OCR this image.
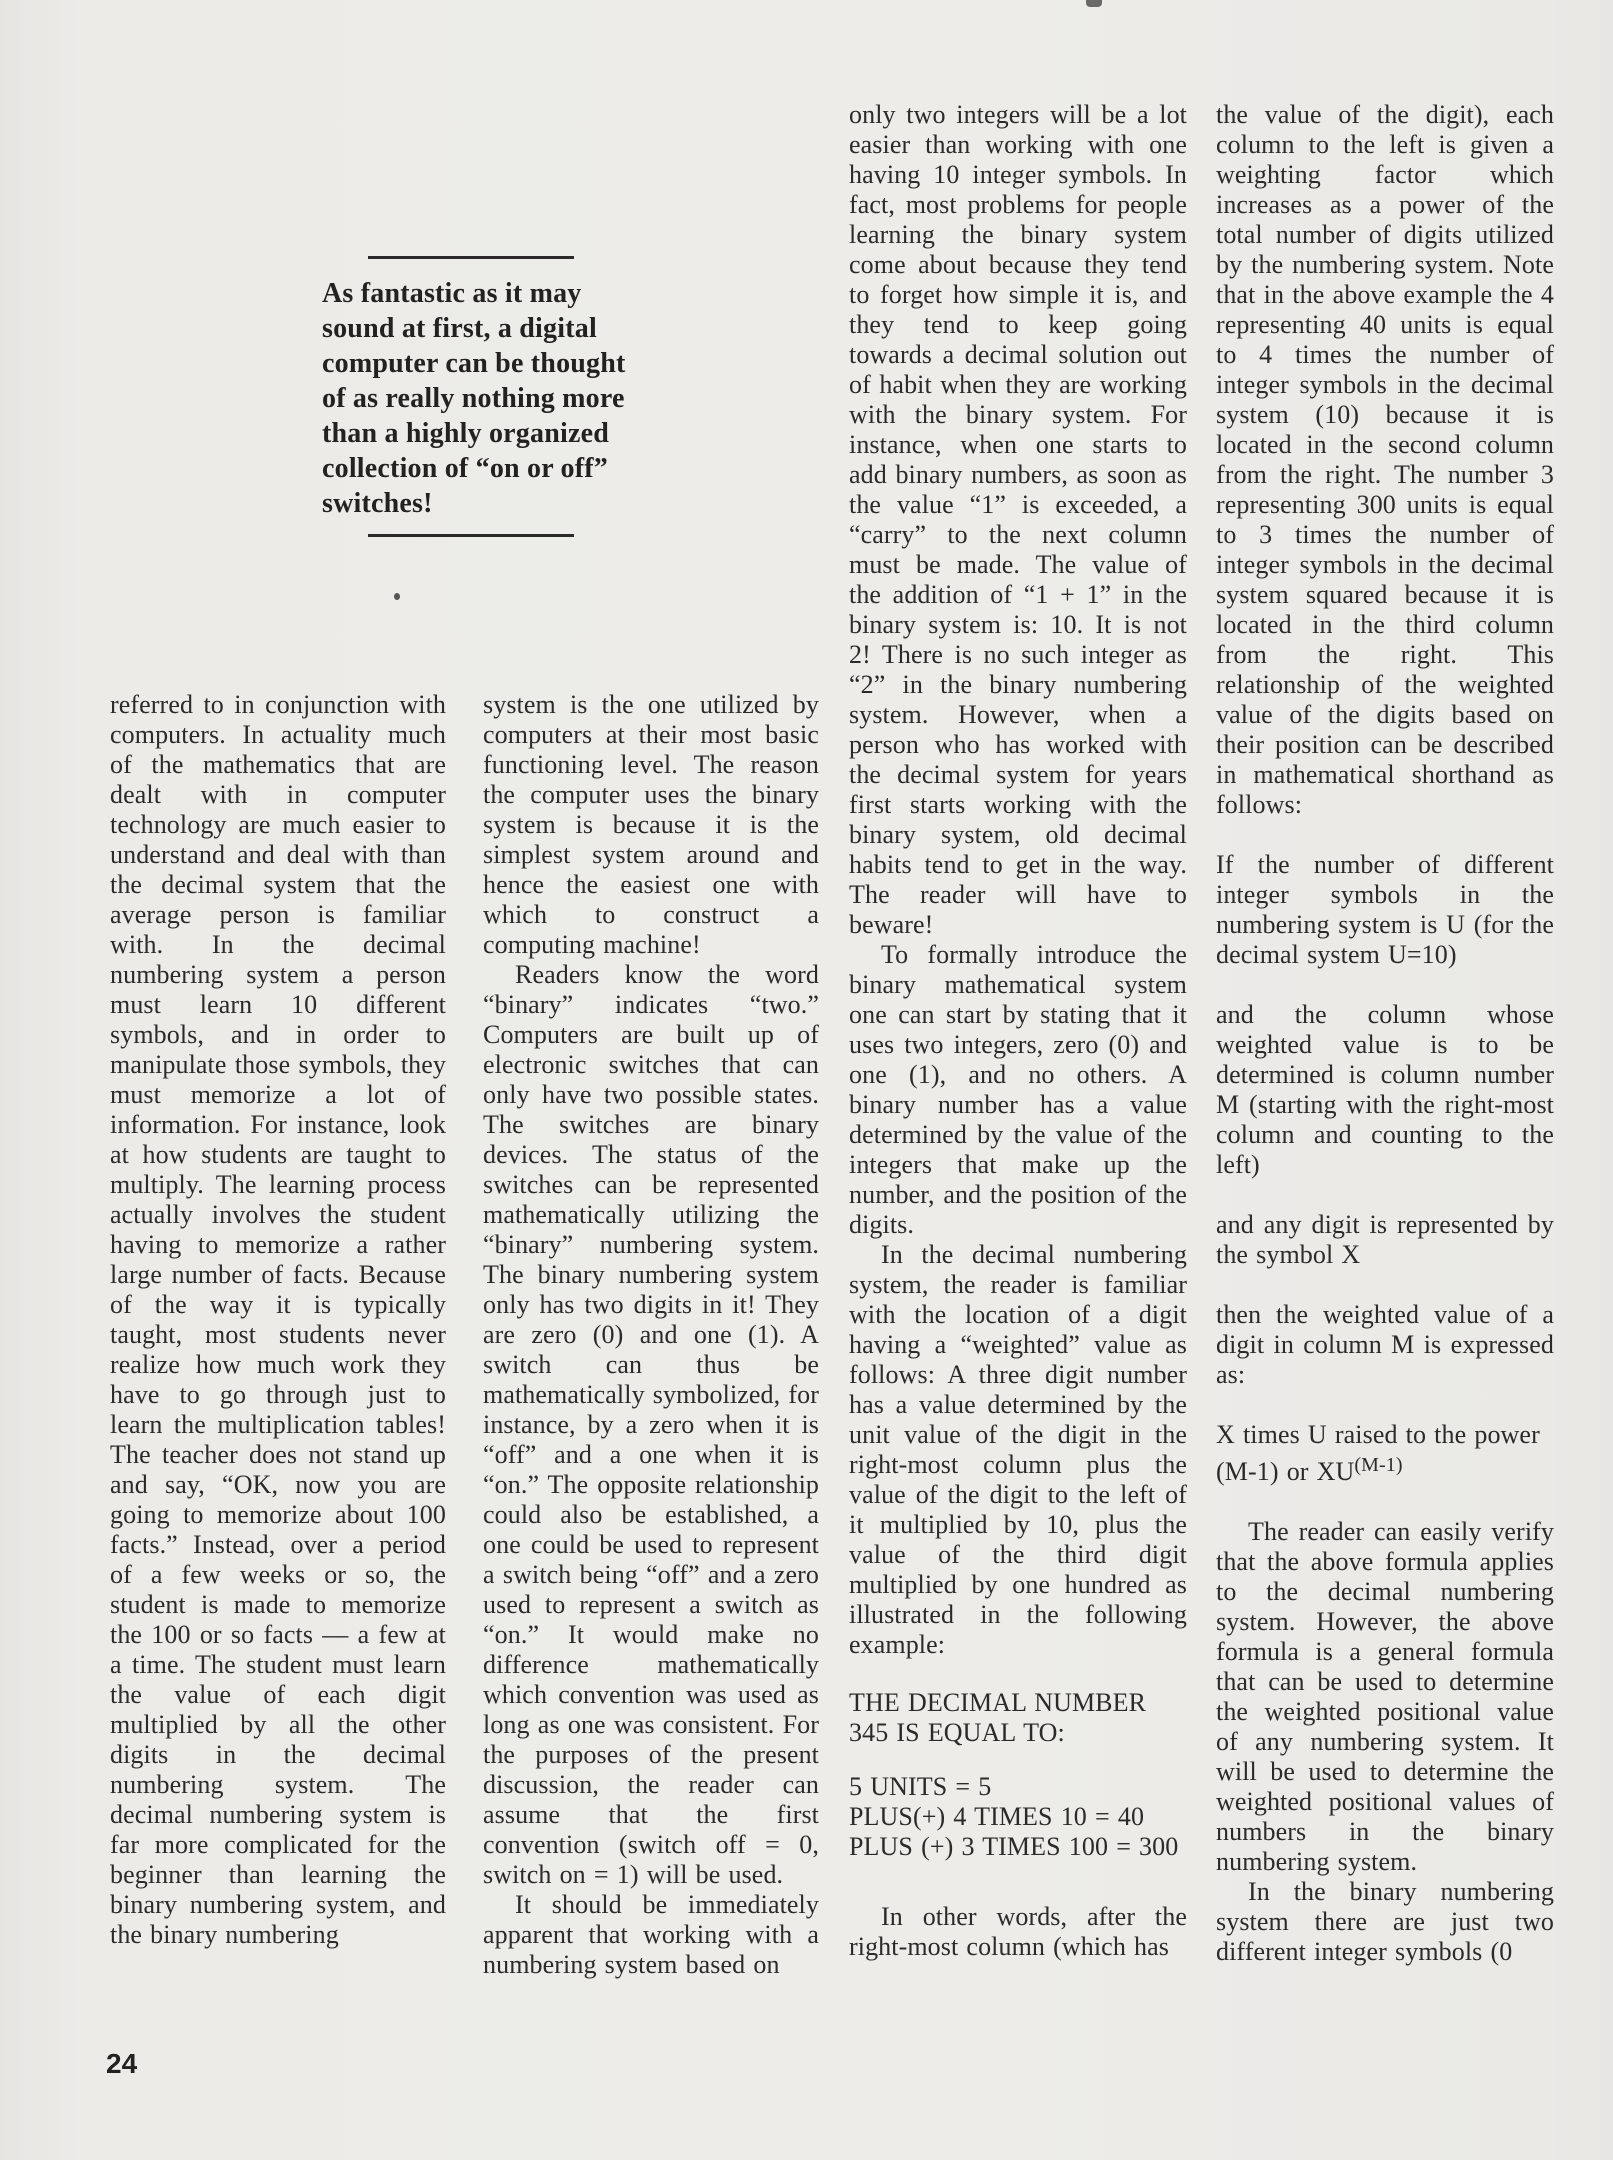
As fantastic as it may
sound at first, a digital
computer can be thought
of as really nothing more
than a highly organized
collection of “on or off”
switches!

referred to in conjunction with computers. In actuality much of the mathematics that are dealt with in computer technology are much easier to understand and deal with than the decimal system that the average person is familiar with. In the decimal numbering system a person must learn 10 different symbols, and in order to manipulate those symbols, they must memorize a lot of information. For instance, look at how students are taught to multiply. The learning process actually involves the student having to memorize a rather large number of facts. Because of the way it is typically taught, most students never realize how much work they have to go through just to learn the multiplication tables! The teacher does not stand up and say, “OK, now you are going to memorize about 100 facts.” Instead, over a period of a few weeks or so, the student is made to memorize the 100 or so facts — a few at a time. The student must learn the value of each digit multiplied by all the other digits in the decimal numbering system. The decimal numbering system is far more complicated for the beginner than learning the binary numbering system, and the binary numbering

system is the one utilized by computers at their most basic functioning level. The reason the computer uses the binary system is because it is the simplest system around and hence the easiest one with which to construct a computing machine!

Readers know the word “binary” indicates “two.” Computers are built up of electronic switches that can only have two possible states. The switches are binary devices. The status of the switches can be represented mathematically utilizing the “binary” numbering system. The binary numbering system only has two digits in it! They are zero (0) and one (1). A switch can thus be mathematically symbolized, for instance, by a zero when it is “off” and a one when it is “on.” The opposite relationship could also be established, a one could be used to represent a switch being “off” and a zero used to represent a switch as “on.” It would make no difference mathematically which convention was used as long as one was consistent. For the purposes of the present discussion, the reader can assume that the first convention (switch off = 0, switch on = 1) will be used.

It should be immediately apparent that working with a numbering system based on

only two integers will be a lot easier than working with one having 10 integer symbols. In fact, most problems for people learning the binary system come about because they tend to forget how simple it is, and they tend to keep going towards a decimal solution out of habit when they are working with the binary system. For instance, when one starts to add binary numbers, as soon as the value “1” is exceeded, a “carry” to the next column must be made. The value of the addition of “1 + 1” in the binary system is: 10. It is not 2! There is no such integer as “2” in the binary numbering system. However, when a person who has worked with the decimal system for years first starts working with the binary system, old decimal habits tend to get in the way. The reader will have to beware!

To formally introduce the binary mathematical system one can start by stating that it uses two integers, zero (0) and one (1), and no others. A binary number has a value determined by the value of the integers that make up the number, and the position of the digits.

In the decimal numbering system, the reader is familiar with the location of a digit having a “weighted” value as follows: A three digit number has a value determined by the unit value of the digit in the right-most column plus the value of the digit to the left of it multiplied by 10, plus the value of the third digit multiplied by one hundred as illustrated in the following example:

THE DECIMAL NUMBER 345 IS EQUAL TO:

5 UNITS = 5
PLUS(+) 4 TIMES 10 = 40
PLUS (+) 3 TIMES 100 = 300

In other words, after the right-most column (which has

the value of the digit), each column to the left is given a weighting factor which increases as a power of the total number of digits utilized by the numbering system. Note that in the above example the 4 representing 40 units is equal to 4 times the number of integer symbols in the decimal system (10) because it is located in the second column from the right. The number 3 representing 300 units is equal to 3 times the number of integer symbols in the decimal system squared because it is located in the third column from the right. This relationship of the weighted value of the digits based on their position can be described in mathematical shorthand as follows:

If the number of different integer symbols in the numbering system is U (for the decimal system U=10)

and the column whose weighted value is to be determined is column number M (starting with the right-most column and counting to the left)

and any digit is represented by the symbol X

then the weighted value of a digit in column M is expressed as:

X times U raised to the power (M-1) or $XU^{(M-1)}$

The reader can easily verify that the above formula applies to the decimal numbering system. However, the above formula is a general formula that can be used to determine the weighted positional value of any numbering system. It will be used to determine the weighted positional values of numbers in the binary numbering system.

In the binary numbering system there are just two different integer symbols (0

24
